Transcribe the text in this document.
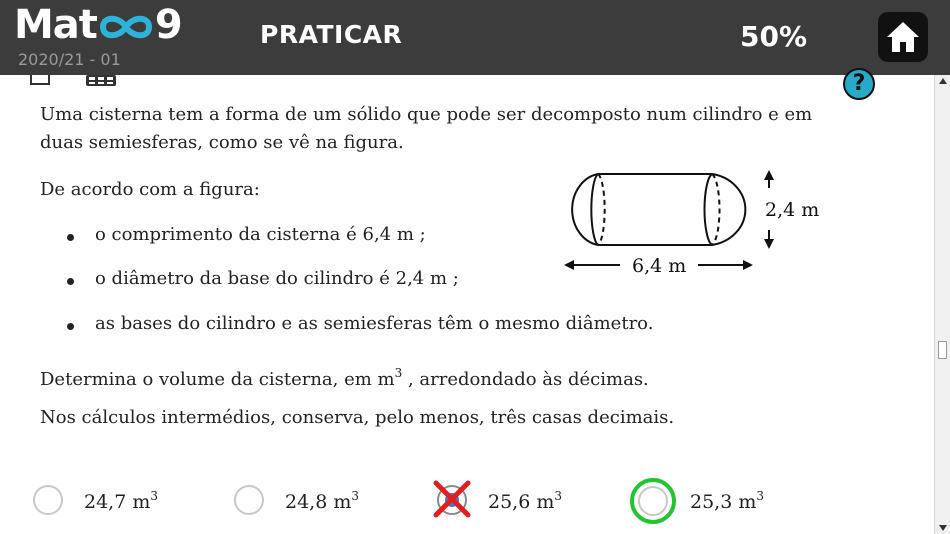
Mat 9
2020/21 - 01
PRATICAR	50%
?
Uma cisterna tem a forma de um sólido que pode ser decomposto num cilindro e em duas semiesferas, como se vê na figura.
De acordo com a figura:
o comprimento da cisterna é 6,4 m ;
o diâmetro da base do cilindro é 2,4 m ;
as bases do cilindro e as semiesferas têm o mesmo diâmetro.
Determina o volume da cisterna, em $m^3$ , arredondado às décimas.
Nos cálculos intermédios, conserva, pelo menos, três casas decimais.
2,4 m
6,4 m
24,7 $m^3$	24,8 $m^3$	25,6 $m^3$	25,3 $m^3$
